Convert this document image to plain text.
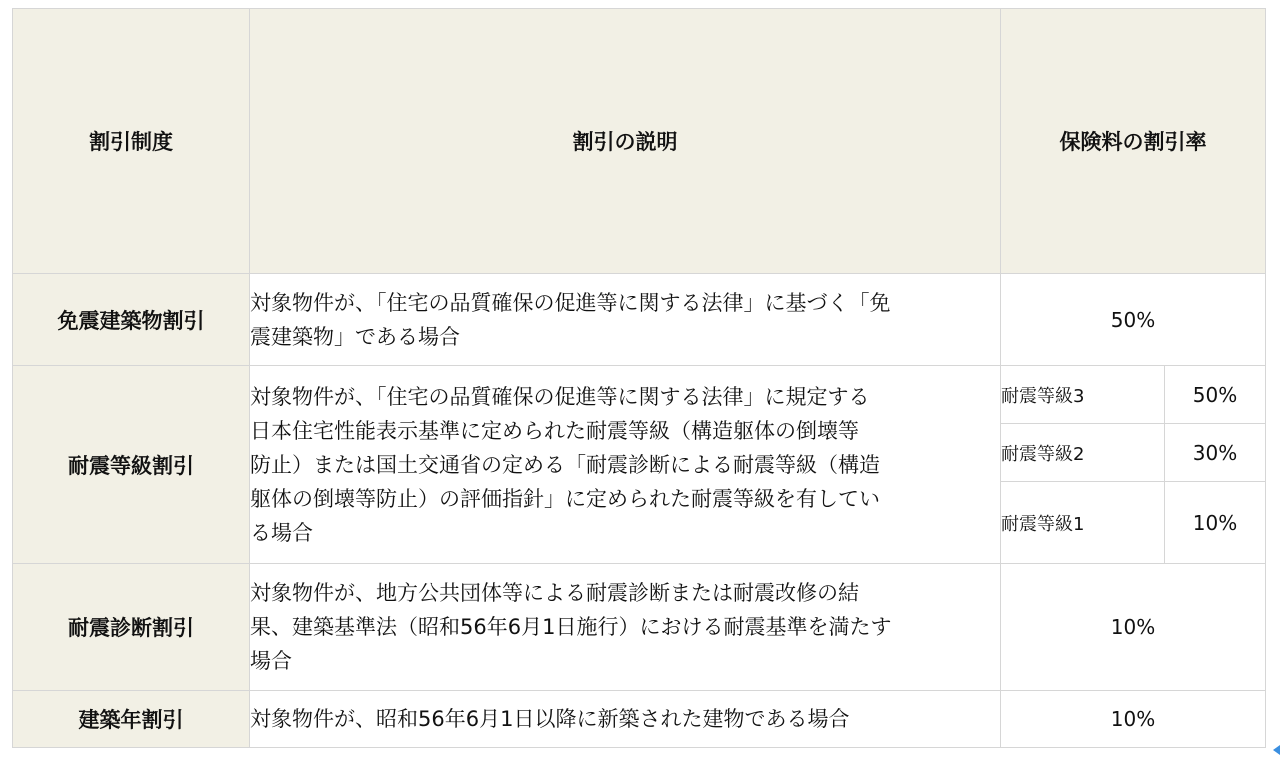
割引制度	割引の説明	保険料の割引率	
免震建築物割引	対象物件が、「住宅の品質確保の促進等に関する法律」に基づく「免
震建築物」である場合	50%	
耐震等級割引	対象物件が、「住宅の品質確保の促進等に関する法律」に規定する
日本住宅性能表示基準に定められた耐震等級（構造躯体の倒壊等
防止）または国土交通省の定める「耐震診断による耐震等級（構造
躯体の倒壊等防止）の評価指針」に定められた耐震等級を有してい
る場合	耐震等級3	50%
		耐震等級2	30%
		耐震等級1	10%
耐震診断割引	対象物件が、地方公共団体等による耐震診断または耐震改修の結
果、建築基準法（昭和56年6月1日施行）における耐震基準を満たす
場合	10%	
建築年割引	対象物件が、昭和56年6月1日以降に新築された建物である場合	10%	
